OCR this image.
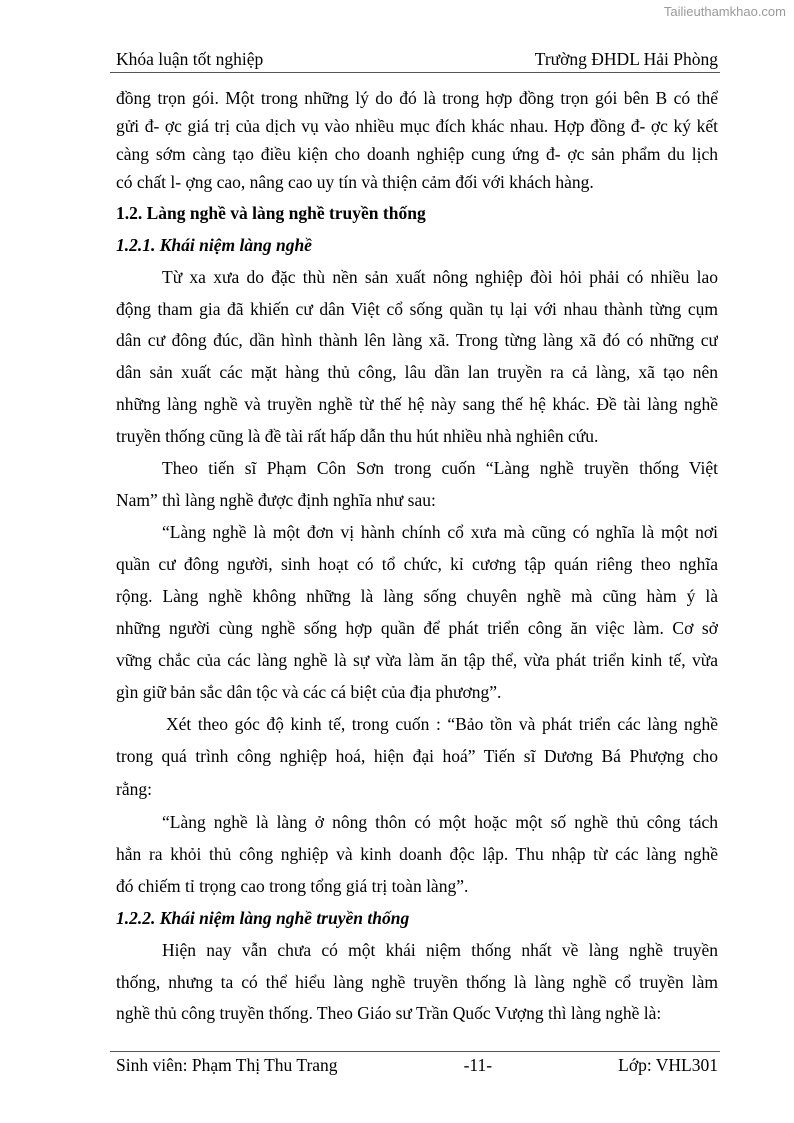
Tailieuthamkhao.com
Khóa luận tốt nghiệp	Trường ĐHDL Hải Phòng
đồng trọn gói. Một trong những lý do đó là trong hợp đồng trọn gói bên B có thể
gửi đ- ợc giá trị của dịch vụ vào nhiều mục đích khác nhau. Hợp đồng đ- ợc ký kết
càng sớm càng tạo điều kiện cho doanh nghiệp cung ứng đ- ợc sản phẩm du lịch
có chất l- ợng cao, nâng cao uy tín và thiện cảm đối với khách hàng.
1.2. Làng nghề và làng nghề truyền thống
1.2.1. Khái niệm làng nghề
Từ xa xưa do đặc thù nền sản xuất nông nghiệp đòi hỏi phải có nhiều lao
động tham gia đã khiến cư dân Việt cổ sống quần tụ lại với nhau thành từng cụm
dân cư đông đúc, dần hình thành lên làng xã. Trong từng làng xã đó có những cư
dân sản xuất các mặt hàng thủ công, lâu dần lan truyền ra cả làng, xã tạo nên
những làng nghề và truyền nghề từ thế hệ này sang thế hệ khác. Đề tài làng nghề
truyền thống cũng là đề tài rất hấp dẫn thu hút nhiều nhà nghiên cứu.
Theo tiến sĩ Phạm Côn Sơn trong cuốn “Làng nghề truyền thống Việt
Nam” thì làng nghề được định nghĩa như sau:
“Làng nghề là một đơn vị hành chính cổ xưa mà cũng có nghĩa là một nơi
quần cư đông người, sinh hoạt có tổ chức, kỉ cương tập quán riêng theo nghĩa
rộng. Làng nghề không những là làng sống chuyên nghề mà cũng hàm ý là
những người cùng nghề sống hợp quần để phát triển công ăn việc làm. Cơ sở
vững chắc của các làng nghề là sự vừa làm ăn tập thể, vừa phát triển kinh tế, vừa
gìn giữ bản sắc dân tộc và các cá biệt của địa phương”.
Xét theo góc độ kinh tế, trong cuốn : “Bảo tồn và phát triển các làng nghề
trong quá trình công nghiệp hoá, hiện đại hoá” Tiến sĩ Dương Bá Phượng cho
rằng:
“Làng nghề là làng ở nông thôn có một hoặc một số nghề thủ công tách
hẳn ra khỏi thủ công nghiệp và kinh doanh độc lập. Thu nhập từ các làng nghề
đó chiếm tỉ trọng cao trong tổng giá trị toàn làng”.
1.2.2. Khái niệm làng nghề truyền thống
Hiện nay vẫn chưa có một khái niệm thống nhất về làng nghề truyền
thống, nhưng ta có thể hiểu làng nghề truyền thống là làng nghề cổ truyền làm
nghề thủ công truyền thống. Theo Giáo sư Trần Quốc Vượng thì làng nghề là:
Sinh viên: Phạm Thị Thu Trang	-11-	Lớp: VHL301
